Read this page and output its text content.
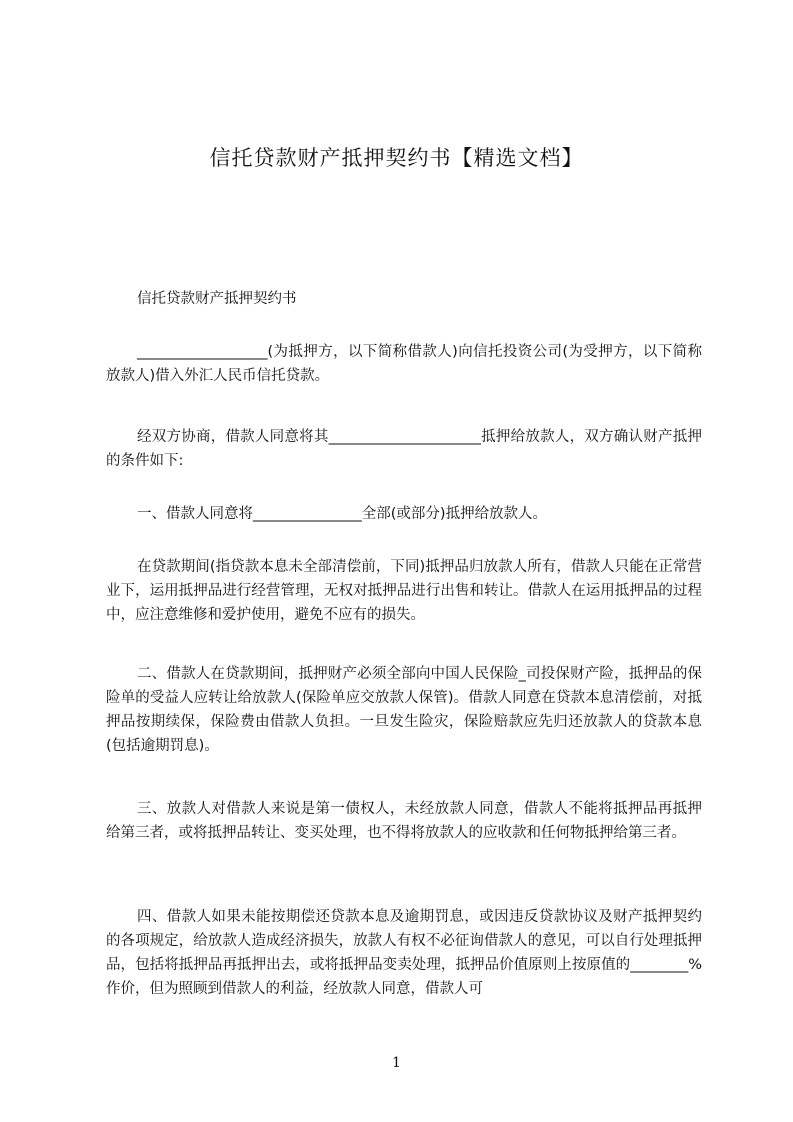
信托贷款财产抵押契约书【精选文档】

信托贷款财产抵押契约书

__________________(为抵押方，以下简称借款人)向信托投资公司(为受押方，以下简称放款人)借入外汇人民币信托贷款。

经双方协商，借款人同意将其_____________________抵押给放款人，双方确认财产抵押的条件如下:

一、借款人同意将_______________全部(或部分)抵押给放款人。

在贷款期间(指贷款本息未全部清偿前，下同)抵押品归放款人所有，借款人只能在正常营业下，运用抵押品进行经营管理，无权对抵押品进行出售和转让。借款人在运用抵押品的过程中，应注意维修和爱护使用，避免不应有的损失。

二、借款人在贷款期间，抵押财产必须全部向中国人民保险_司投保财产险，抵押品的保险单的受益人应转让给放款人(保险单应交放款人保管)。借款人同意在贷款本息清偿前，对抵押品按期续保，保险费由借款人负担。一旦发生险灾，保险赔款应先归还放款人的贷款本息(包括逾期罚息)。

三、放款人对借款人来说是第一债权人，未经放款人同意，借款人不能将抵押品再抵押给第三者，或将抵押品转让、变买处理，也不得将放款人的应收款和任何物抵押给第三者。

四、借款人如果未能按期偿还贷款本息及逾期罚息，或因违反贷款协议及财产抵押契约的各项规定，给放款人造成经济损失，放款人有权不必征询借款人的意见，可以自行处理抵押品，包括将抵押品再抵押出去，或将抵押品变卖处理，抵押品价值原则上按原值的________%作价，但为照顾到借款人的利益，经放款人同意，借款人可

1
